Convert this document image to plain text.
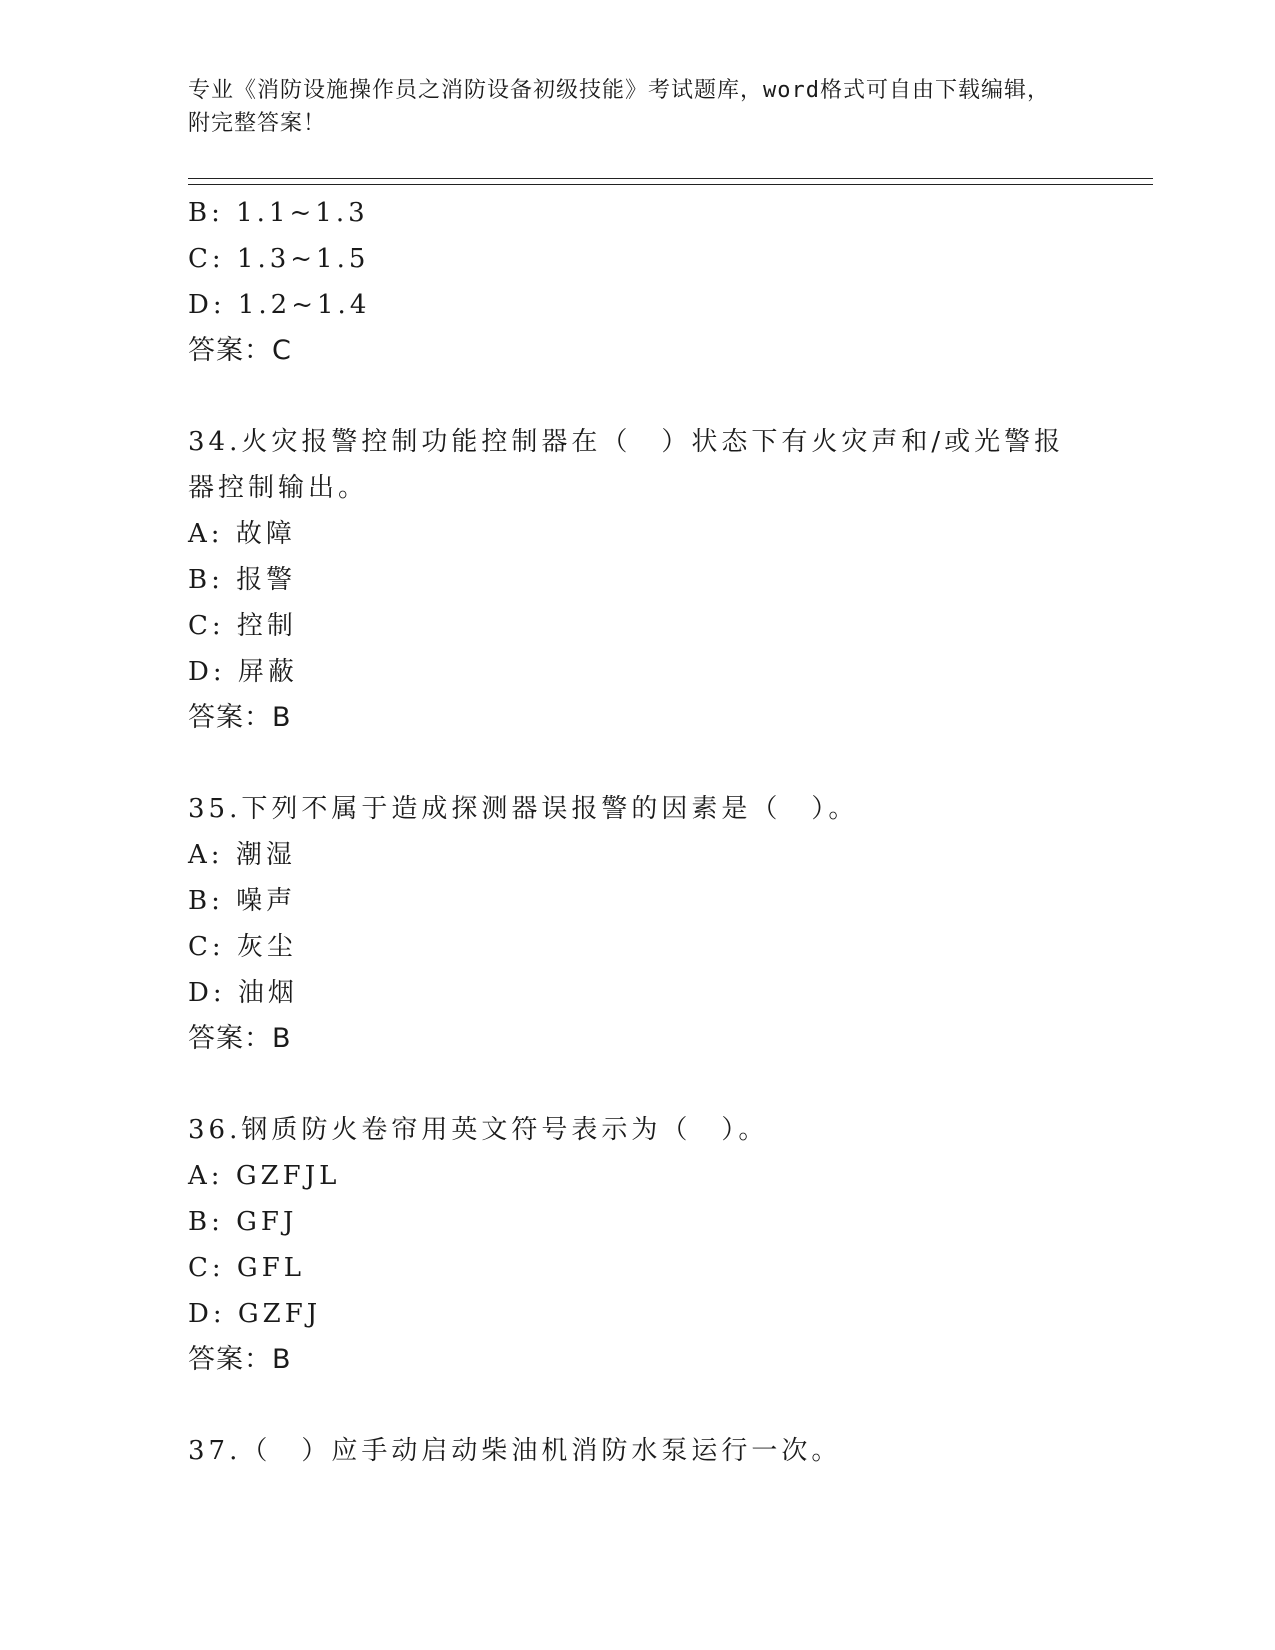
专业《消防设施操作员之消防设备初级技能》考试题库，word格式可自由下载编辑，附完整答案！
B: 1.1~1.3
C: 1.3~1.5
D: 1.2~1.4
答案：C
34.火灾报警控制功能控制器在（　）状态下有火灾声和/或光警报器控制输出。
A: 故障
B: 报警
C: 控制
D: 屏蔽
答案：B
35.下列不属于造成探测器误报警的因素是（　）。
A: 潮湿
B: 噪声
C: 灰尘
D: 油烟
答案：B
36.钢质防火卷帘用英文符号表示为（　）。
A: GZFJL
B: GFJ
C: GFL
D: GZFJ
答案：B
37.（　）应手动启动柴油机消防水泵运行一次。
